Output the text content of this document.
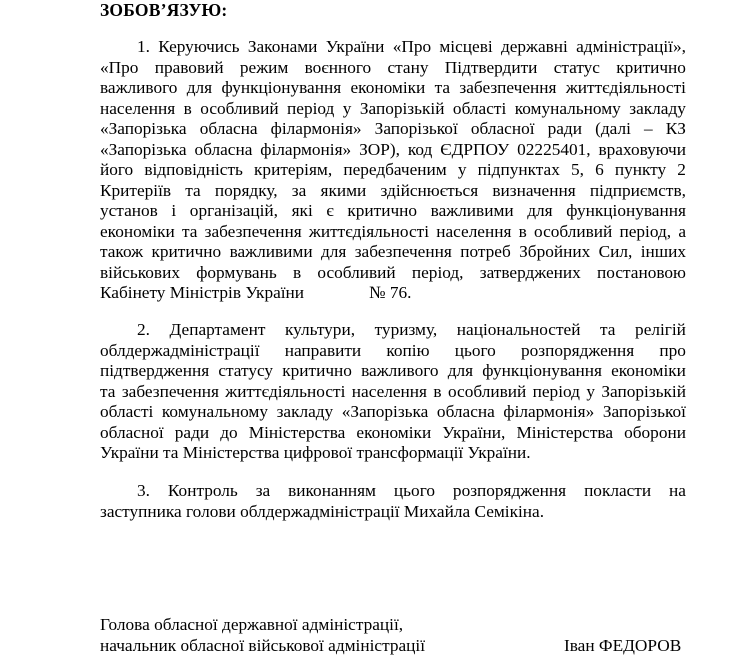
ЗОБОВ’ЯЗУЮ:
1. Керуючись Законами України «Про місцеві державні адміністрації»,
«Про правовий режим воєнного стану Підтвердити статус критично
важливого для функціонування економіки та забезпечення життєдіяльності
населення в особливий період у Запорізькій області комунальному закладу
«Запорізька обласна філармонія» Запорізької обласної ради (далі – КЗ
«Запорізька обласна філармонія» ЗОР), код ЄДРПОУ 02225401, враховуючи
його відповідність критеріям, передбаченим у підпунктах 5, 6 пункту 2
Критеріїв та порядку, за якими здійснюється визначення підприємств,
установ і організацій, які є критично важливими для функціонування
економіки та забезпечення життєдіяльності населення в особливий період, а
також критично важливими для забезпечення потреб Збройних Сил, інших
військових формувань в особливий період, затверджених постановою
Кабінету Міністрів України	№ 76.
2. Департамент культури, туризму, національностей та релігій
облдержадміністрації направити копію цього розпорядження про
підтвердження статусу критично важливого для функціонування економіки
та забезпечення життєдіяльності населення в особливий період у Запорізькій
області комунальному закладу «Запорізька обласна філармонія» Запорізької
обласної ради до Міністерства економіки України, Міністерства оборони
України та Міністерства цифрової трансформації України.
3. Контроль за виконанням цього розпорядження покласти на
заступника голови облдержадміністрації Михайла Семікіна.
Голова обласної державної адміністрації,
начальник обласної військової адміністрації	Іван ФЕДОРОВ
